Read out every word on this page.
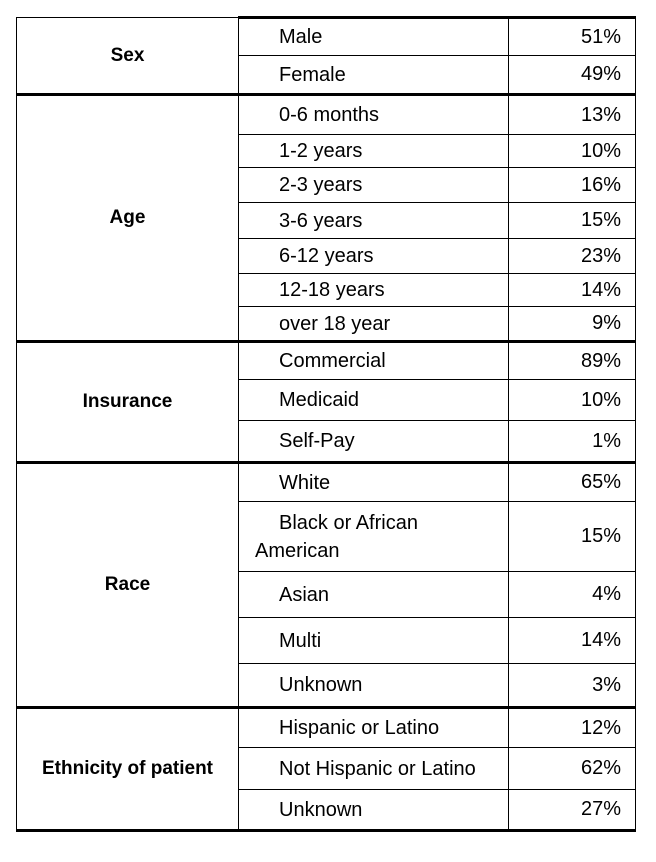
Sex	Male	51%
	Female	49%
Age	0-6 months	13%
	1-2 years	10%
	2-3 years	16%
	3-6 years	15%
	6-12 years	23%
	12-18 years	14%
	over 18 year	9%
Insurance	Commercial	89%
	Medicaid	10%
	Self-Pay	1%
Race	White	65%
	Black or African American	15%
	Asian	4%
	Multi	14%
	Unknown	3%
Ethnicity of patient	Hispanic or Latino	12%
	Not Hispanic or Latino	62%
	Unknown	27%
